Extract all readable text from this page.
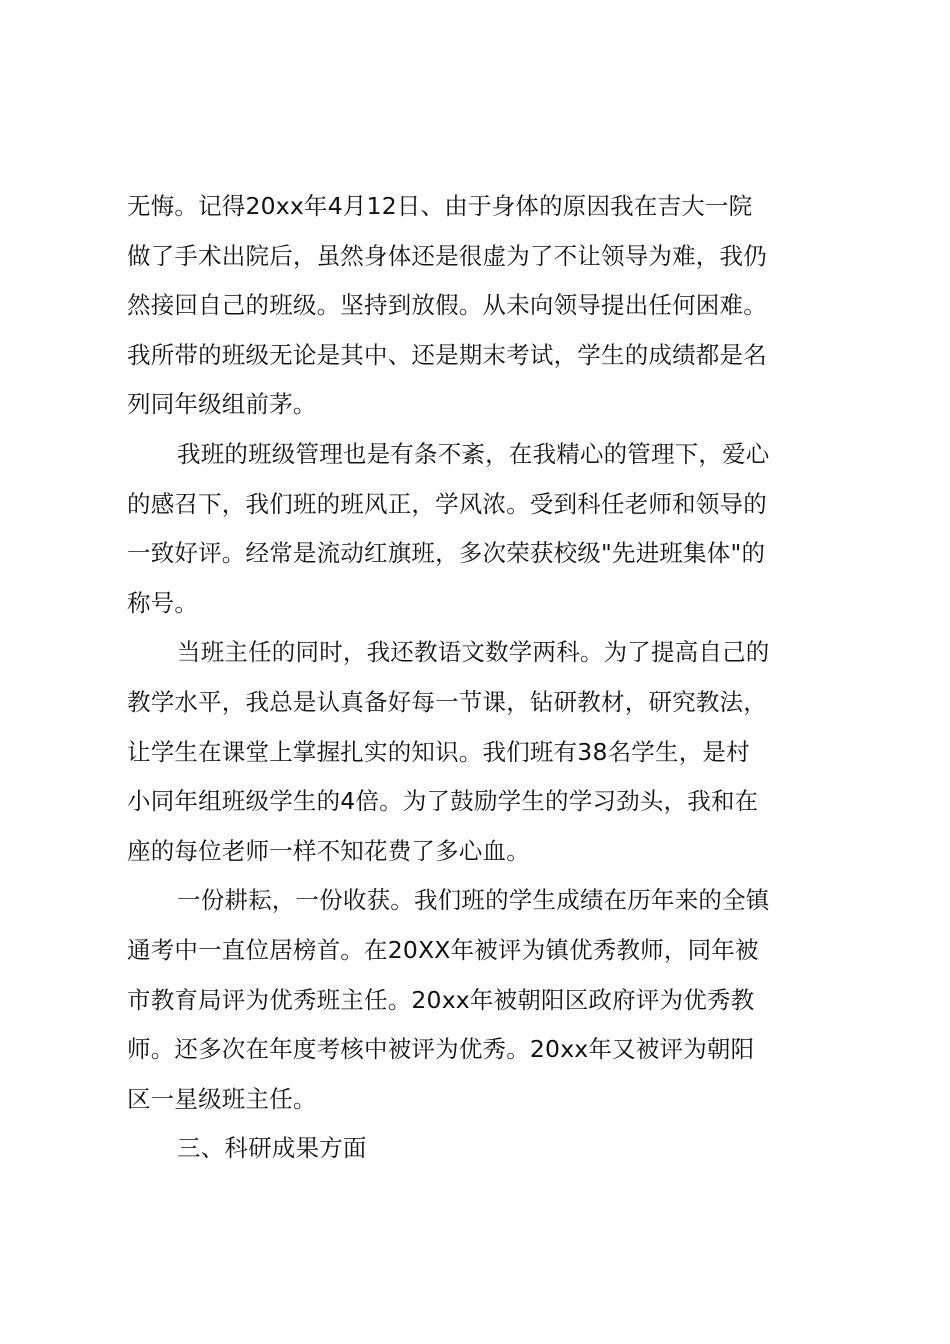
无悔。记得20xx年4月12日、由于身体的原因我在吉大一院
做了手术出院后，虽然身体还是很虚为了不让领导为难，我仍
然接回自己的班级。坚持到放假。从未向领导提出任何困难。
我所带的班级无论是其中、还是期末考试，学生的成绩都是名
列同年级组前茅。
我班的班级管理也是有条不紊，在我精心的管理下，爱心
的感召下，我们班的班风正，学风浓。受到科任老师和领导的
一致好评。经常是流动红旗班，多次荣获校级"先进班集体"的
称号。
当班主任的同时，我还教语文数学两科。为了提高自己的
教学水平，我总是认真备好每一节课，钻研教材，研究教法，
让学生在课堂上掌握扎实的知识。我们班有38名学生，是村
小同年组班级学生的4倍。为了鼓励学生的学习劲头，我和在
座的每位老师一样不知花费了多心血。
一份耕耘，一份收获。我们班的学生成绩在历年来的全镇
通考中一直位居榜首。在20XX年被评为镇优秀教师，同年被
市教育局评为优秀班主任。20xx年被朝阳区政府评为优秀教
师。还多次在年度考核中被评为优秀。20xx年又被评为朝阳
区一星级班主任。
三、科研成果方面
